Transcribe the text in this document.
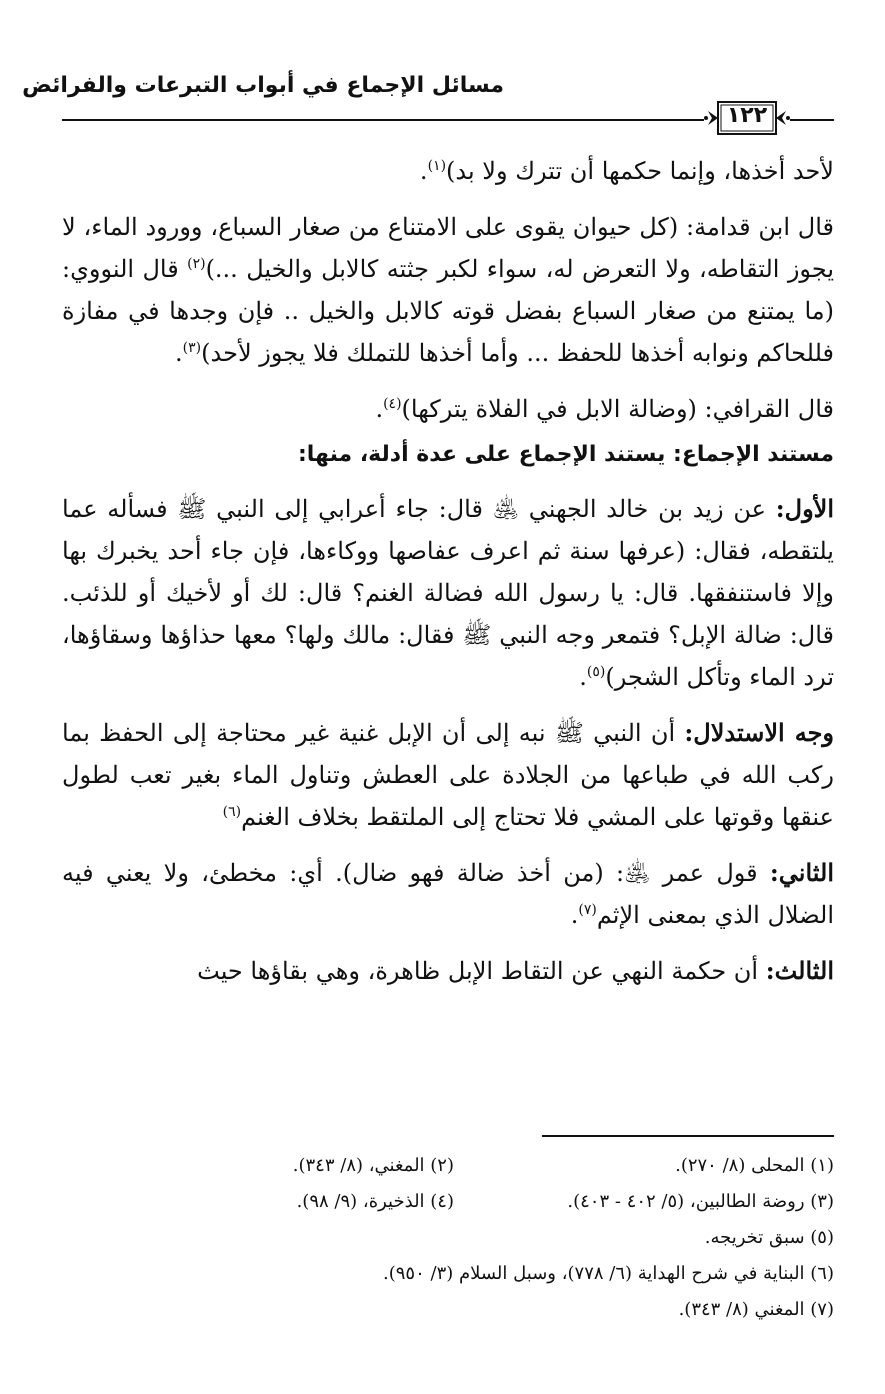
مسائل الإجماع في أبواب التبرعات والفرائض
١٢٢

لأحد أخذها، وإنما حكمها أن تترك ولا بد)$^{(١)}$.

قال ابن قدامة: (كل حيوان يقوى على الامتناع من صغار السباع، وورود الماء، لا يجوز التقاطه، ولا التعرض له، سواء لكبر جثته كالابل والخيل ...)$^{(٢)}$ قال النووي: (ما يمتنع من صغار السباع بفضل قوته كالابل والخيل .. فإن وجدها في مفازة فللحاكم ونوابه أخذها للحفظ ... وأما أخذها للتملك فلا يجوز لأحد)$^{(٣)}$.

قال القرافي: (وضالة الابل في الفلاة يتركها)$^{(٤)}$.

مستند الإجماع: يستند الإجماع على عدة أدلة، منها:

الأول: عن زيد بن خالد الجهني ﵁ قال: جاء أعرابي إلى النبي ﷺ فسأله عما يلتقطه، فقال: (عرفها سنة ثم اعرف عفاصها ووكاءها، فإن جاء أحد يخبرك بها وإلا فاستنفقها. قال: يا رسول الله فضالة الغنم؟ قال: لك أو لأخيك أو للذئب. قال: ضالة الإبل؟ فتمعر وجه النبي ﷺ فقال: مالك ولها؟ معها حذاؤها وسقاؤها، ترد الماء وتأكل الشجر)$^{(٥)}$.

وجه الاستدلال: أن النبي ﷺ نبه إلى أن الإبل غنية غير محتاجة إلى الحفظ بما ركب الله في طباعها من الجلادة على العطش وتناول الماء بغير تعب لطول عنقها وقوتها على المشي فلا تحتاج إلى الملتقط بخلاف الغنم$^{(٦)}$

الثاني: قول عمر ﵁: (من أخذ ضالة فهو ضال). أي: مخطئ، ولا يعني فيه الضلال الذي بمعنى الإثم$^{(٧)}$.

الثالث: أن حكمة النهي عن التقاط الإبل ظاهرة، وهي بقاؤها حيث

(١) المحلى (٨/ ٢٧٠).
(٢) المغني، (٨/ ٣٤٣).
(٣) روضة الطالبين، (٥/ ٤٠٢ - ٤٠٣).
(٤) الذخيرة، (٩/ ٩٨).
(٥) سبق تخريجه.
(٦) البناية في شرح الهداية (٦/ ٧٧٨)، وسبل السلام (٣/ ٩٥٠).
(٧) المغني (٨/ ٣٤٣).
